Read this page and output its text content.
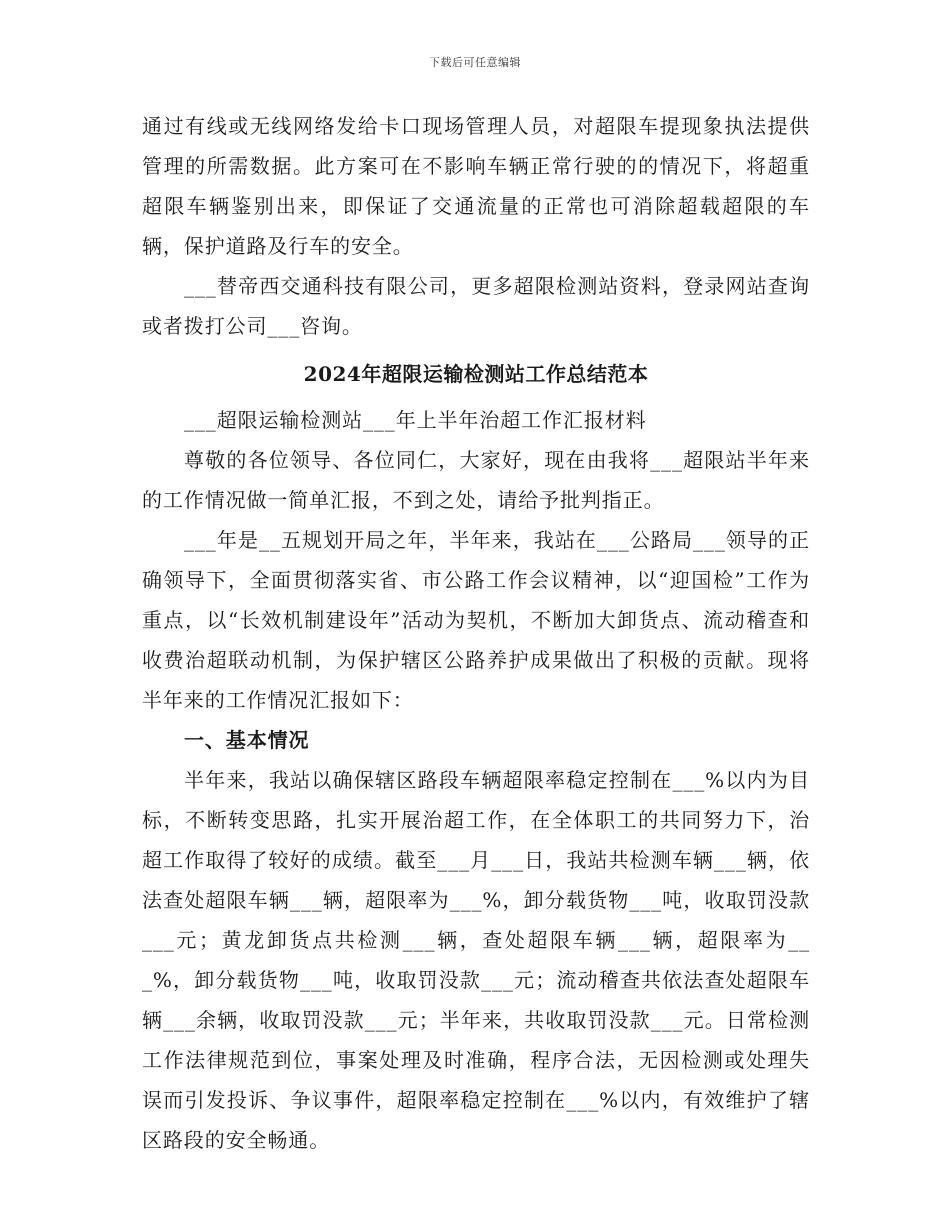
下载后可任意编辑

通过有线或无线网络发给卡口现场管理人员，对超限车提现象执法提供管理的所需数据。此方案可在不影响车辆正常行驶的的情况下，将超重超限车辆鉴别出来，即保证了交通流量的正常也可消除超载超限的车辆，保护道路及行车的安全。

___替帝西交通科技有限公司，更多超限检测站资料，登录网站查询或者拨打公司___咨询。

2024年超限运输检测站工作总结范本

___超限运输检测站___年上半年治超工作汇报材料

尊敬的各位领导、各位同仁，大家好，现在由我将___超限站半年来的工作情况做一简单汇报，不到之处，请给予批判指正。

___年是__五规划开局之年，半年来，我站在___公路局___领导的正确领导下，全面贯彻落实省、市公路工作会议精神，以“迎国检”工作为重点，以“长效机制建设年”活动为契机，不断加大卸货点、流动稽查和收费治超联动机制，为保护辖区公路养护成果做出了积极的贡献。现将半年来的工作情况汇报如下：

一、基本情况

半年来，我站以确保辖区路段车辆超限率稳定控制在___%以内为目标，不断转变思路，扎实开展治超工作，在全体职工的共同努力下，治超工作取得了较好的成绩。截至___月___日，我站共检测车辆___辆，依法查处超限车辆___辆，超限率为___%，卸分载货物___吨，收取罚没款___元；黄龙卸货点共检测___辆，查处超限车辆___辆，超限率为___%，卸分载货物___吨，收取罚没款___元；流动稽查共依法查处超限车辆___余辆，收取罚没款___元；半年来，共收取罚没款___元。日常检测工作法律规范到位，事案处理及时准确，程序合法，无因检测或处理失误而引发投诉、争议事件，超限率稳定控制在___%以内，有效维护了辖区路段的安全畅通。
